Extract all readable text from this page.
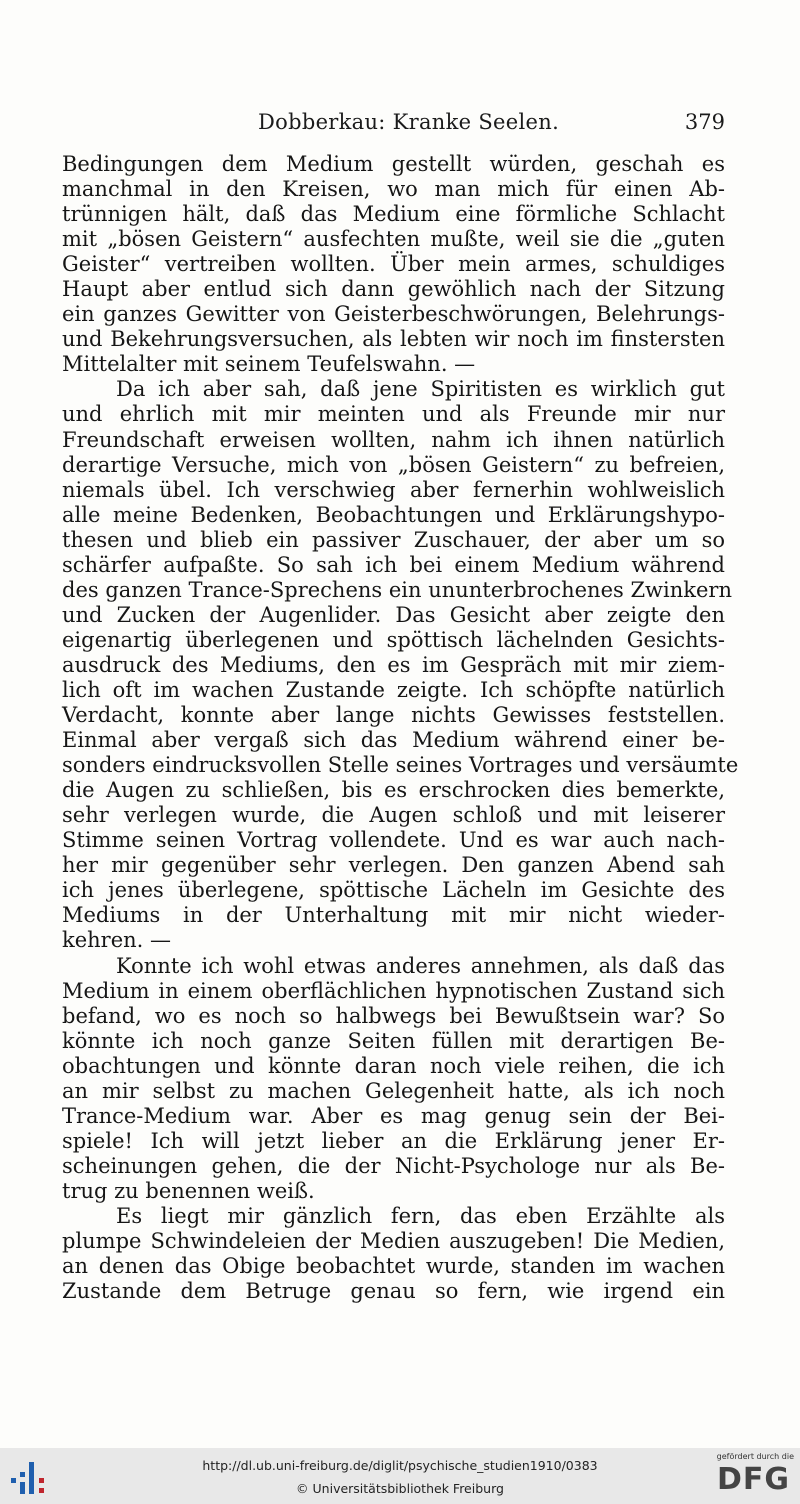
Dobberkau: Kranke Seelen.	379
Bedingungen dem Medium gestellt würden, geschah es
manchmal in den Kreisen, wo man mich für einen Ab-
trünnigen hält, daß das Medium eine förmliche Schlacht
mit „bösen Geistern“ ausfechten mußte, weil sie die „guten
Geister“ vertreiben wollten. Über mein armes, schuldiges
Haupt aber entlud sich dann gewöhlich nach der Sitzung
ein ganzes Gewitter von Geisterbeschwörungen, Belehrungs-
und Bekehrungsversuchen, als lebten wir noch im finstersten
Mittelalter mit seinem Teufelswahn. —
Da ich aber sah, daß jene Spiritisten es wirklich gut
und ehrlich mit mir meinten und als Freunde mir nur
Freundschaft erweisen wollten, nahm ich ihnen natürlich
derartige Versuche, mich von „bösen Geistern“ zu befreien,
niemals übel. Ich verschwieg aber fernerhin wohlweislich
alle meine Bedenken, Beobachtungen und Erklärungshypo-
thesen und blieb ein passiver Zuschauer, der aber um so
schärfer aufpaßte. So sah ich bei einem Medium während
des ganzen Trance-Sprechens ein ununterbrochenes Zwinkern
und Zucken der Augenlider. Das Gesicht aber zeigte den
eigenartig überlegenen und spöttisch lächelnden Gesichts-
ausdruck des Mediums, den es im Gespräch mit mir ziem-
lich oft im wachen Zustande zeigte. Ich schöpfte natürlich
Verdacht, konnte aber lange nichts Gewisses feststellen.
Einmal aber vergaß sich das Medium während einer be-
sonders eindrucksvollen Stelle seines Vortrages und versäumte
die Augen zu schließen, bis es erschrocken dies bemerkte,
sehr verlegen wurde, die Augen schloß und mit leiserer
Stimme seinen Vortrag vollendete. Und es war auch nach-
her mir gegenüber sehr verlegen. Den ganzen Abend sah
ich jenes überlegene, spöttische Lächeln im Gesichte des
Mediums in der Unterhaltung mit mir nicht wieder-
kehren. —
Konnte ich wohl etwas anderes annehmen, als daß das
Medium in einem oberflächlichen hypnotischen Zustand sich
befand, wo es noch so halbwegs bei Bewußtsein war? So
könnte ich noch ganze Seiten füllen mit derartigen Be-
obachtungen und könnte daran noch viele reihen, die ich
an mir selbst zu machen Gelegenheit hatte, als ich noch
Trance-Medium war. Aber es mag genug sein der Bei-
spiele! Ich will jetzt lieber an die Erklärung jener Er-
scheinungen gehen, die der Nicht-Psychologe nur als Be-
trug zu benennen weiß.
Es liegt mir gänzlich fern, das eben Erzählte als
plumpe Schwindeleien der Medien auszugeben! Die Medien,
an denen das Obige beobachtet wurde, standen im wachen
Zustande dem Betruge genau so fern, wie irgend ein
http://dl.ub.uni-freiburg.de/diglit/psychische_studien1910/0383
© Universitätsbibliothek Freiburg
gefördert durch die
DFG
